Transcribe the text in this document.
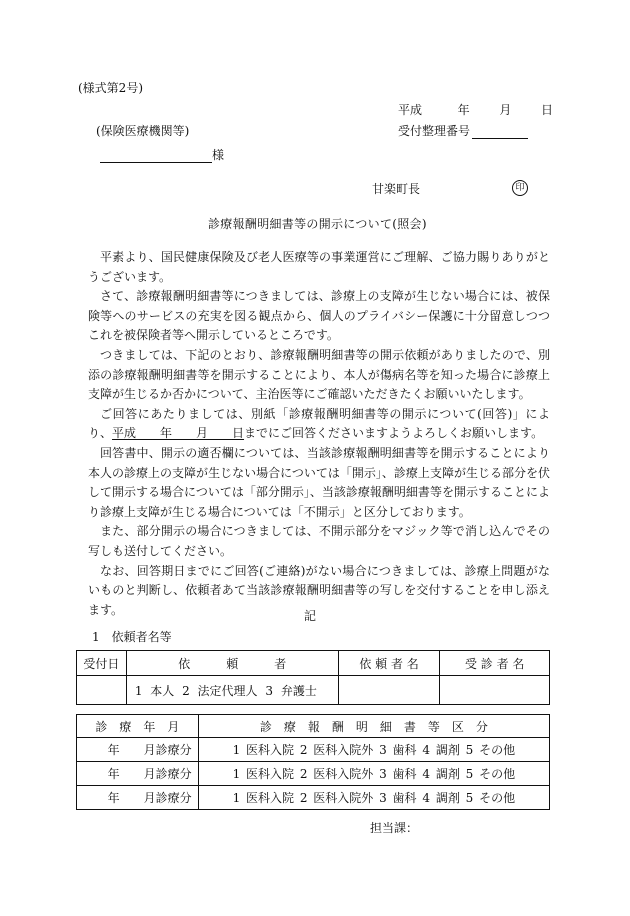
(様式第2号)
平成	年 月 日
(保険医療機関等)	受付整理番号
様
甘楽町長	印
診療報酬明細書等の開示について(照会)

平素より、国民健康保険及び老人医療等の事業運営にご理解、ご協力賜りありがとうございます。

さて、診療報酬明細書等につきましては、診療上の支障が生じない場合には、被保険等へのサービスの充実を図る観点から、個人のプライバシー保護に十分留意しつつこれを被保険者等へ開示しているところです。

つきましては、下記のとおり、診療報酬明細書等の開示依頼がありましたので、別添の診療報酬明細書等を開示することにより、本人が傷病名等を知った場合に診療上支障が生じるか否かについて、主治医等にご確認いただきたくお願いいたします。

ご回答にあたりましては、別紙「診療報酬明細書等の開示について(回答)」により、平成　　年　　月　　日までにご回答くださいますようよろしくお願いします。

回答書中、開示の適否欄については、当該診療報酬明細書等を開示することにより本人の診療上の支障が生じない場合については「開示」、診療上支障が生じる部分を伏して開示する場合については「部分開示」、当該診療報酬明細書等を開示することにより診療上支障が生じる場合については「不開示」と区分しております。

また、部分開示の場合につきましては、不開示部分をマジック等で消し込んでその写しも送付してください。

なお、回答期日までにご回答(ご連絡)がない場合につきましては、診療上問題がないものと判断し、依頼者あて当該診療報酬明細書等の写しを交付することを申し添えます。	記
1　依頼者名等
受付日	依　　　頼　　　者	依 頼 者 名	受 診 者 名
	1 本人 2 法定代理人 3 弁護士		
診　療　年　月	診　療　報　酬　明　細　書　等　区　分
年　　月診療分	1 医科入院 2 医科入院外 3 歯科 4 調剤 5 その他
年　　月診療分	1 医科入院 2 医科入院外 3 歯科 4 調剤 5 その他
年　　月診療分	1 医科入院 2 医科入院外 3 歯科 4 調剤 5 その他
担当課：
